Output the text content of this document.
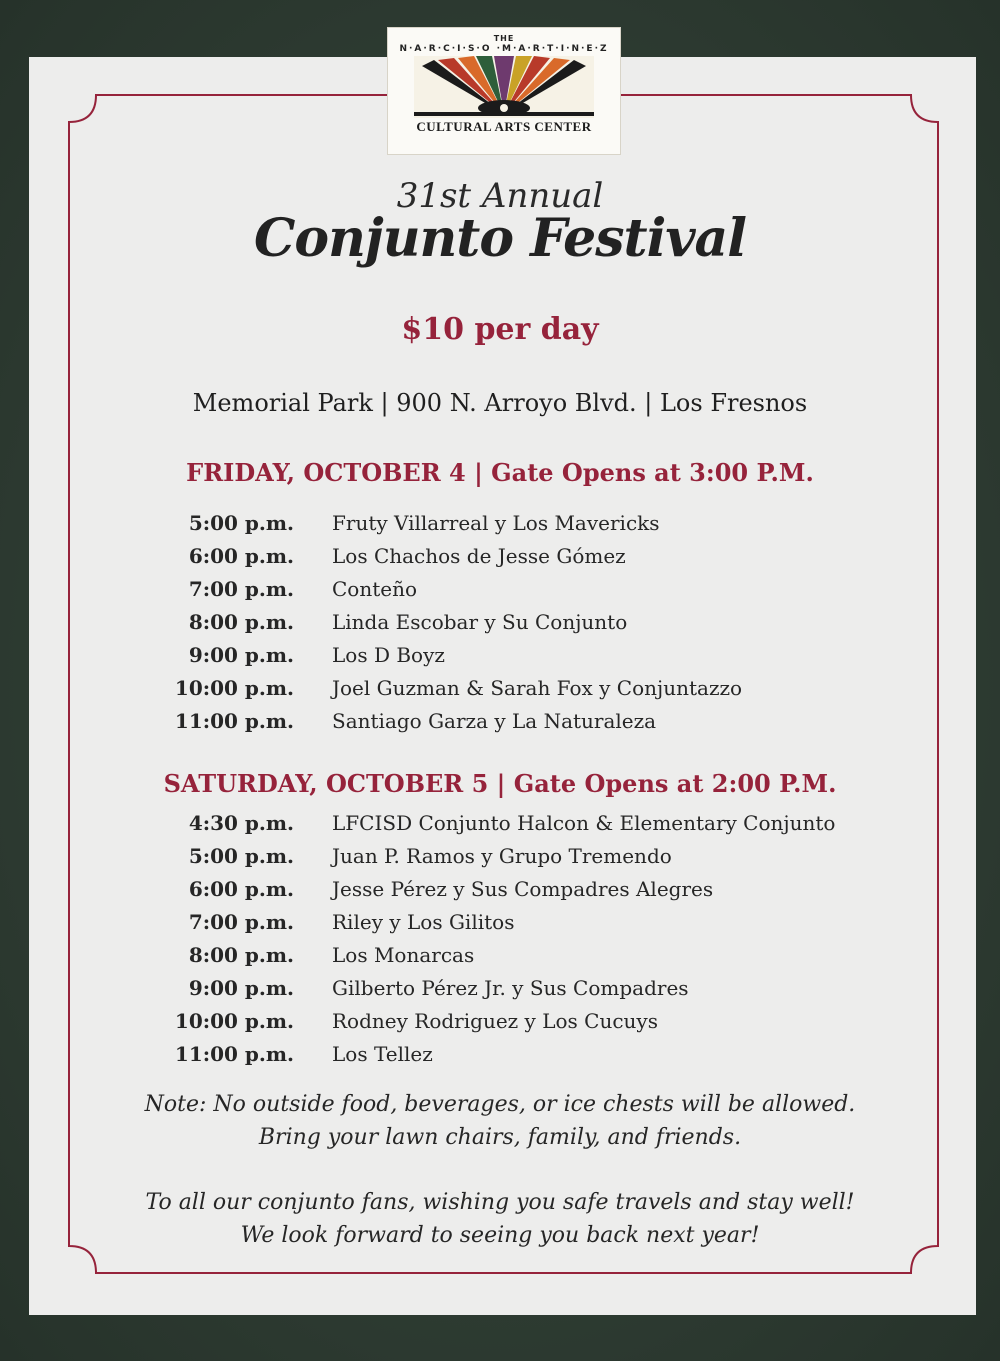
THE
N·A·R·C·I·S·O ·M·A·R·T·I·N·E·Z
CULTURAL ARTS CENTER
31st Annual
Conjunto Festival
$10 per day
Memorial Park | 900 N. Arroyo Blvd. | Los Fresnos
FRIDAY, OCTOBER 4 | Gate Opens at 3:00 P.M.
5:00 p.m. Fruty Villarreal y Los Mavericks
6:00 p.m. Los Chachos de Jesse Gómez
7:00 p.m. Conteño
8:00 p.m. Linda Escobar y Su Conjunto
9:00 p.m. Los D Boyz
10:00 p.m. Joel Guzman & Sarah Fox y Conjuntazzo
11:00 p.m. Santiago Garza y La Naturaleza
SATURDAY, OCTOBER 5 | Gate Opens at 2:00 P.M.
4:30 p.m. LFCISD Conjunto Halcon & Elementary Conjunto
5:00 p.m. Juan P. Ramos y Grupo Tremendo
6:00 p.m. Jesse Pérez y Sus Compadres Alegres
7:00 p.m. Riley y Los Gilitos
8:00 p.m. Los Monarcas
9:00 p.m. Gilberto Pérez Jr. y Sus Compadres
10:00 p.m. Rodney Rodriguez y Los Cucuys
11:00 p.m. Los Tellez
Note: No outside food, beverages, or ice chests will be allowed.
Bring your lawn chairs, family, and friends.
To all our conjunto fans, wishing you safe travels and stay well!
We look forward to seeing you back next year!
